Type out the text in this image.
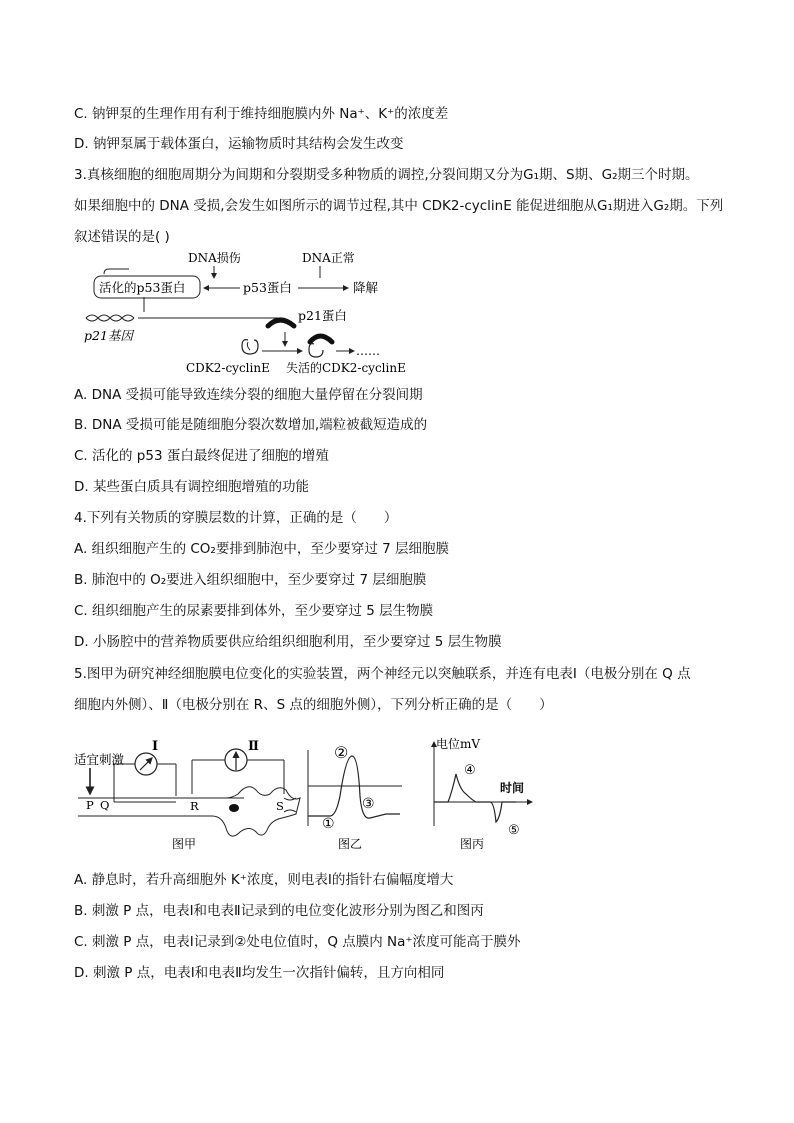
C. 钠钾泵的生理作用有利于维持细胞膜内外 Na⁺、K⁺的浓度差
D. 钠钾泵属于载体蛋白，运输物质时其结构会发生改变
3.真核细胞的细胞周期分为间期和分裂期受多种物质的调控,分裂间期又分为G₁期、S期、G₂期三个时期。
如果细胞中的 DNA 受损,会发生如图所示的调节过程,其中 CDK2-cyclinE 能促进细胞从G₁期进入G₂期。下列
叙述错误的是( )
DNA损伤	DNA正常
活化的p53蛋白	p53蛋白	降解
p21基因
p21蛋白
……
CDK2-cyclinE 失活的CDK2-cyclinE
A. DNA 受损可能导致连续分裂的细胞大量停留在分裂间期
B. DNA 受损可能是随细胞分裂次数增加,端粒被截短造成的
C. 活化的 p53 蛋白最终促进了细胞的增殖
D. 某些蛋白质具有调控细胞增殖的功能
4.下列有关物质的穿膜层数的计算，正确的是（　　）
A. 组织细胞产生的 CO₂要排到肺泡中，至少要穿过 7 层细胞膜
B. 肺泡中的 O₂要进入组织细胞中，至少要穿过 7 层细胞膜
C. 组织细胞产生的尿素要排到体外，至少要穿过 5 层生物膜
D. 小肠腔中的营养物质要供应给组织细胞利用，至少要穿过 5 层生物膜
5.图甲为研究神经细胞膜电位变化的实验装置，两个神经元以突触联系，并连有电表Ⅰ（电极分别在 Q 点
细胞内外侧）、Ⅱ（电极分别在 R、S 点的细胞外侧），下列分析正确的是（　　）
适宜刺激
P Q
Ⅰ	Ⅱ
R	S
图甲
②
①
③
图乙
电位mV
时间
④
⑤
图丙
A. 静息时，若升高细胞外 K⁺浓度，则电表Ⅰ的指针右偏幅度增大
B. 刺激 P 点，电表Ⅰ和电表Ⅱ记录到的电位变化波形分别为图乙和图丙
C. 刺激 P 点，电表Ⅰ记录到②处电位值时，Q 点膜内 Na⁺浓度可能高于膜外
D. 刺激 P 点，电表Ⅰ和电表Ⅱ均发生一次指针偏转，且方向相同
